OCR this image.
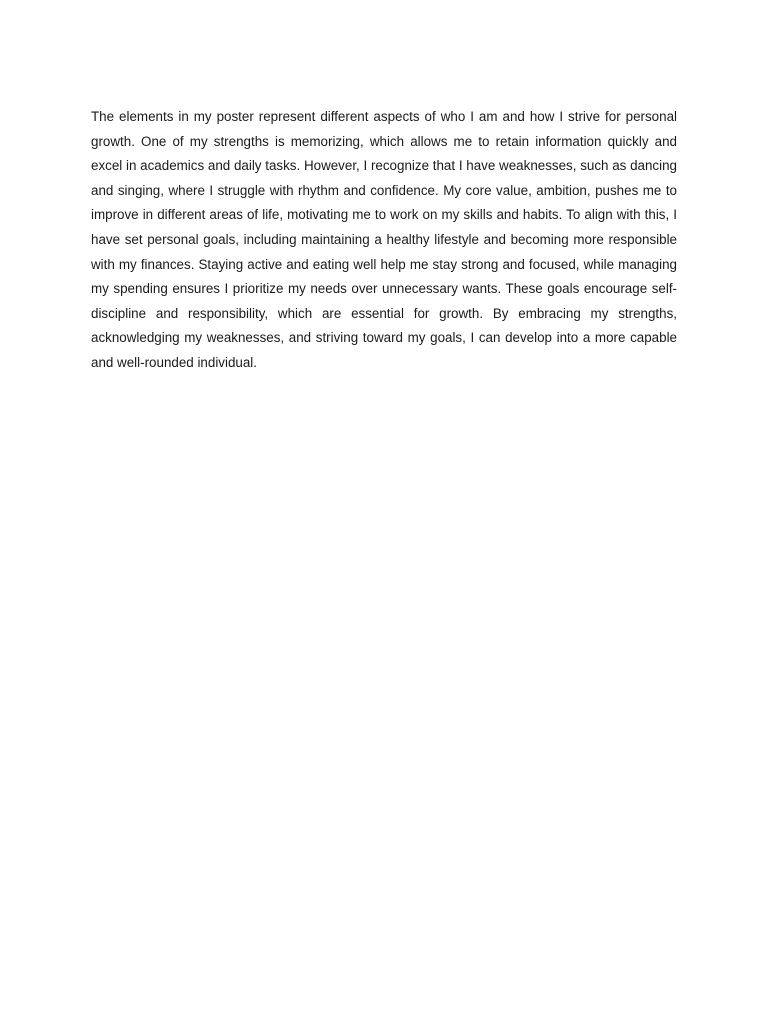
The elements in my poster represent different aspects of who I am and how I strive for personal growth. One of my strengths is memorizing, which allows me to retain information quickly and excel in academics and daily tasks. However, I recognize that I have weaknesses, such as dancing and singing, where I struggle with rhythm and confidence. My core value, ambition, pushes me to improve in different areas of life, motivating me to work on my skills and habits. To align with this, I have set personal goals, including maintaining a healthy lifestyle and becoming more responsible with my finances. Staying active and eating well help me stay strong and focused, while managing my spending ensures I prioritize my needs over unnecessary wants. These goals encourage self-discipline and responsibility, which are essential for growth. By embracing my strengths, acknowledging my weaknesses, and striving toward my goals, I can develop into a more capable and well-rounded individual.
